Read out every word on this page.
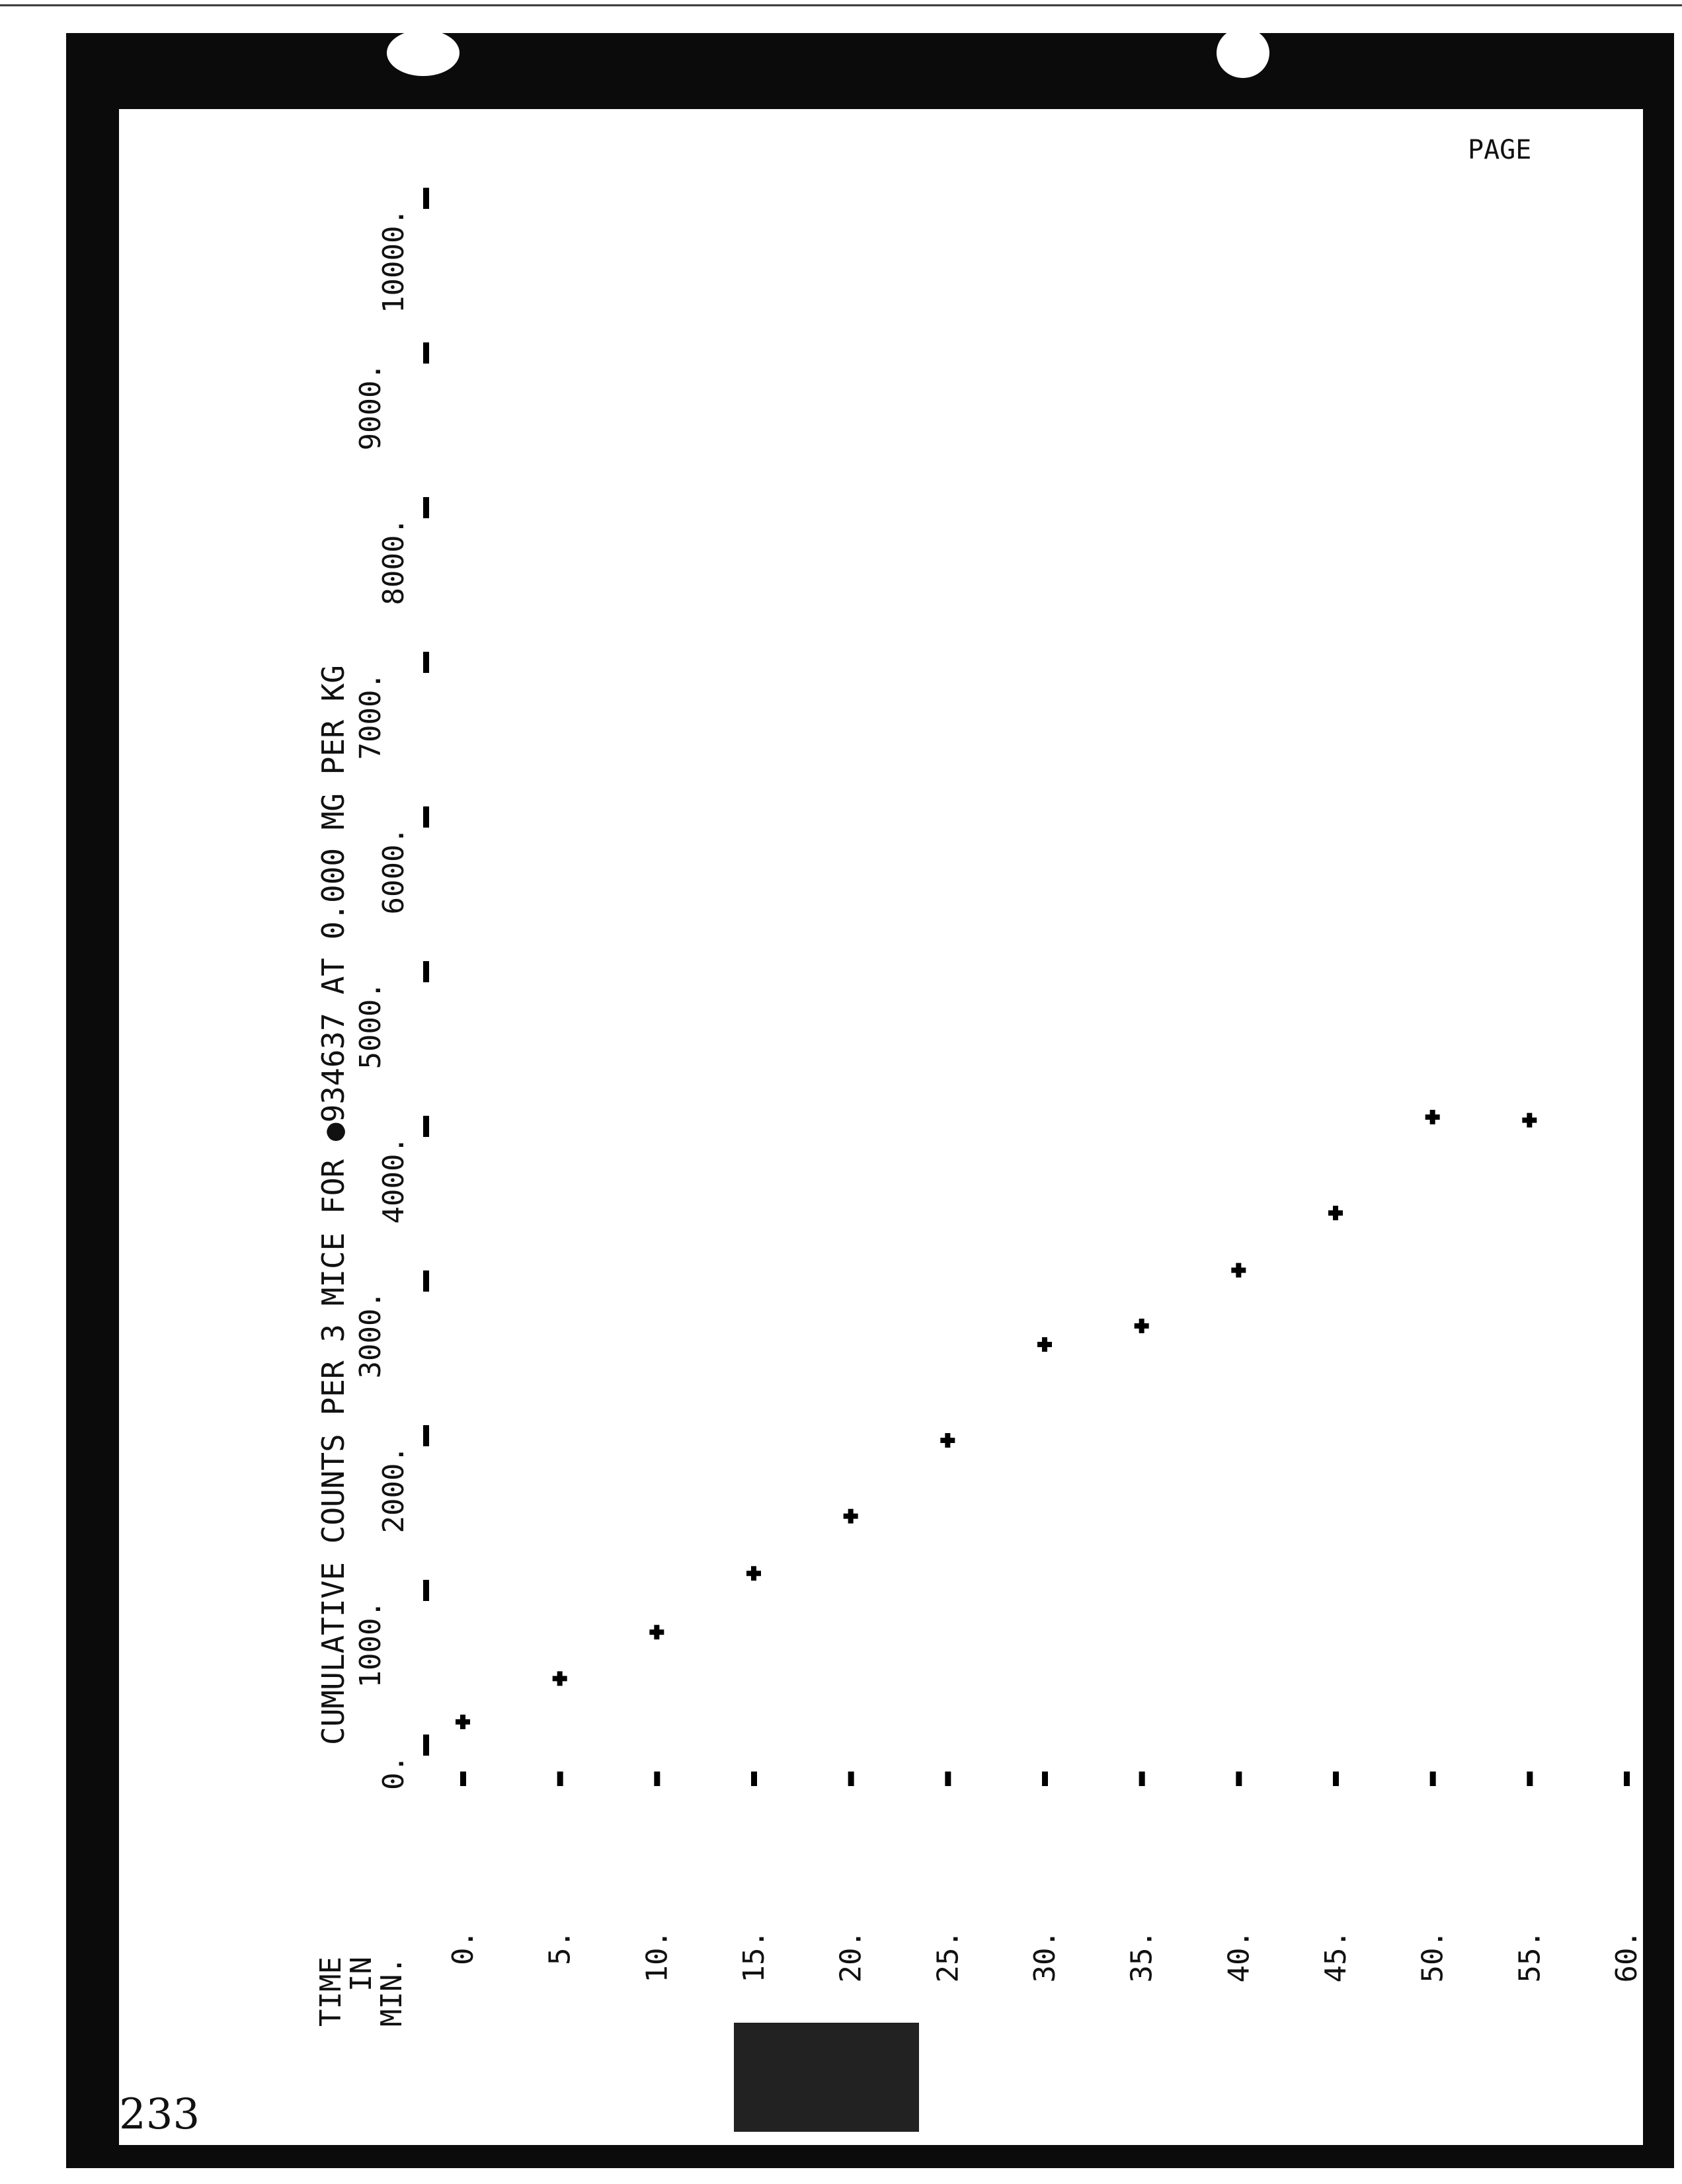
PAGE
233
CUMULATIVE COUNTS PER 3 MICE FOR ●934637 AT 0.000 MG PER KG
TIME
IN
MIN.
0. 5. 10. 15. 20. 25. 30. 35. 40. 45. 50. 55. 60.
0.
1000.
2000.
3000.
4000.
5000.
6000.
7000.
8000.
9000.
10000.
